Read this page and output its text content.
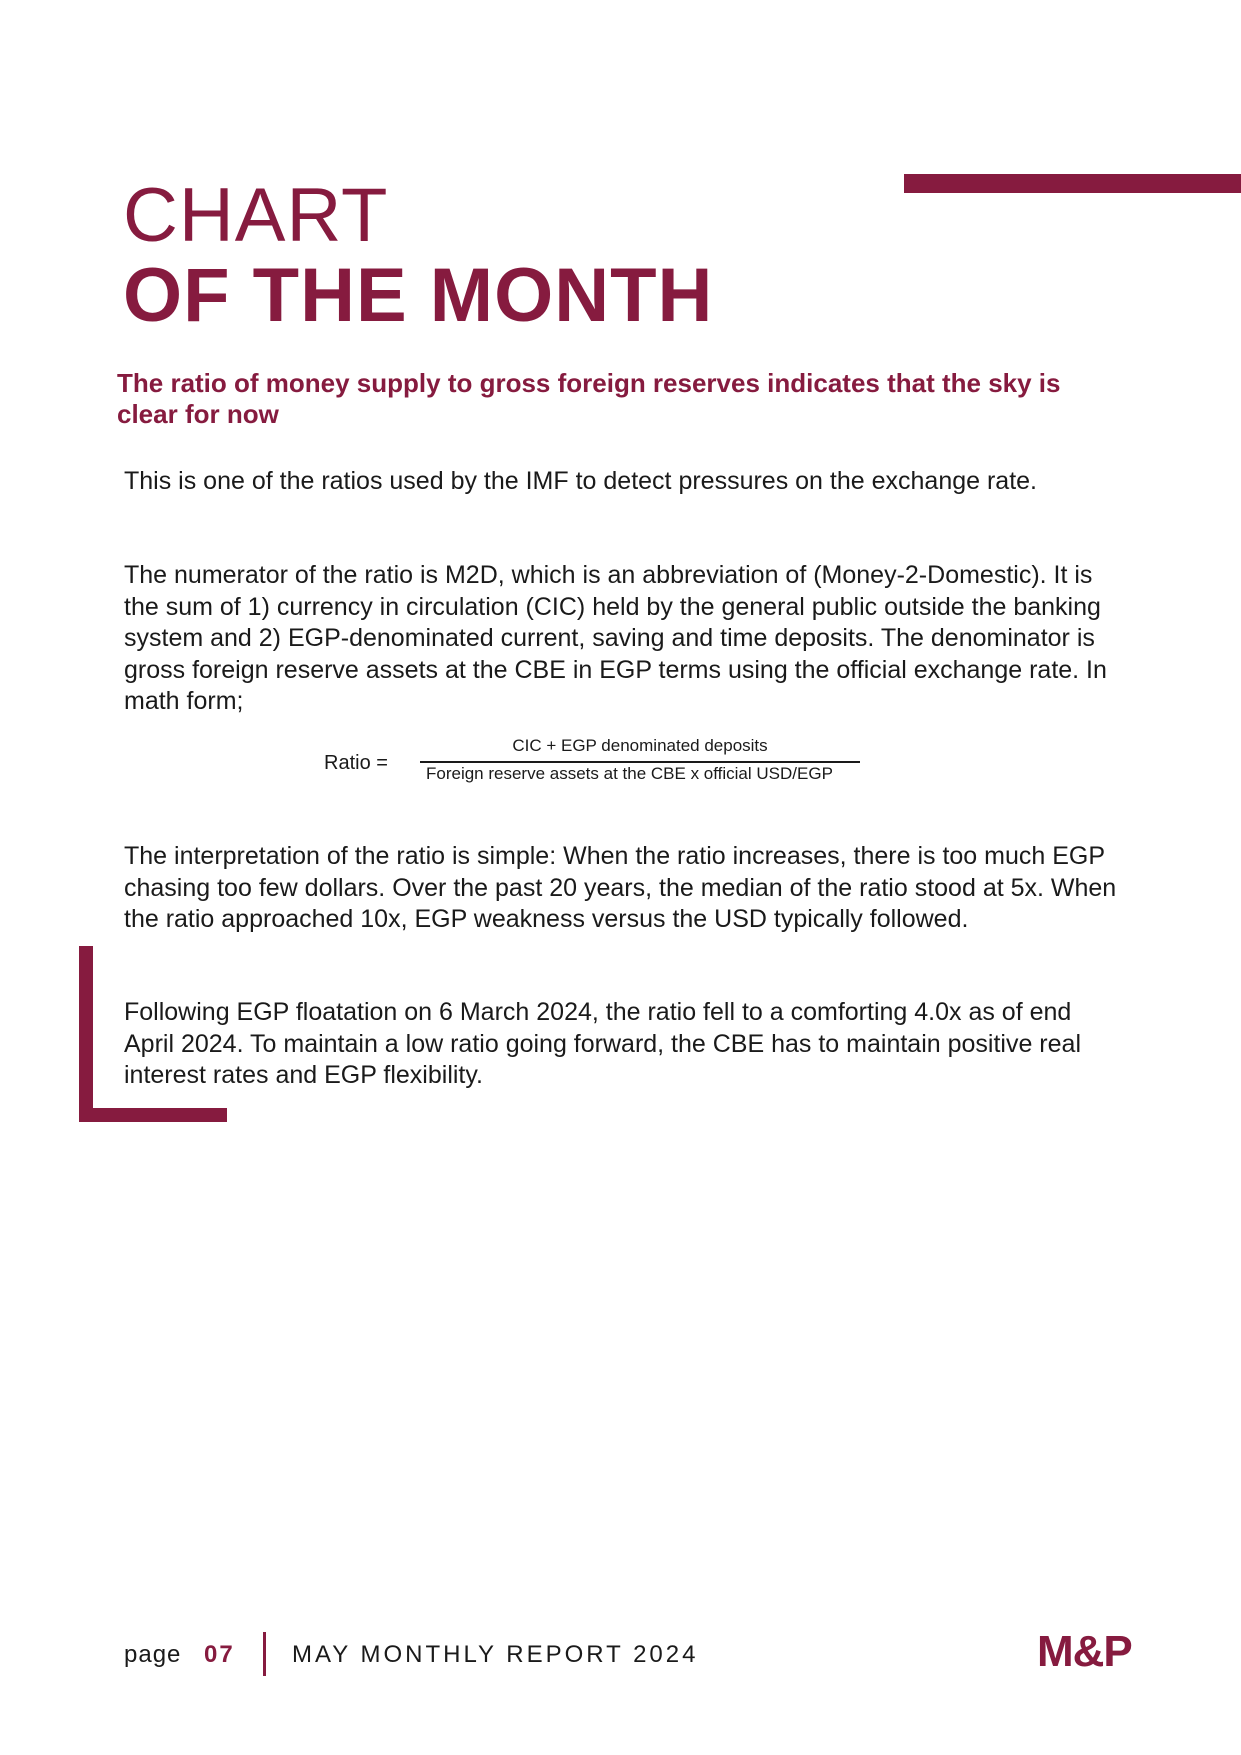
CHART
OF THE MONTH
The ratio of money supply to gross foreign reserves indicates that the sky is clear for now

This is one of the ratios used by the IMF to detect pressures on the exchange rate.

The numerator of the ratio is M2D, which is an abbreviation of (Money-2-Domestic). It is the sum of 1) currency in circulation (CIC) held by the general public outside the banking system and 2) EGP-denominated current, saving and time deposits. The denominator is gross foreign reserve assets at the CBE in EGP terms using the official exchange rate. In math form;

Ratio =
CIC + EGP denominated deposits
Foreign reserve assets at the CBE x official USD/EGP

The interpretation of the ratio is simple: When the ratio increases, there is too much EGP chasing too few dollars. Over the past 20 years, the median of the ratio stood at 5x. When the ratio approached 10x, EGP weakness versus the USD typically followed.

Following EGP floatation on 6 March 2024, the ratio fell to a comforting 4.0x as of end April 2024. To maintain a low ratio going forward, the CBE has to maintain positive real interest rates and EGP flexibility.

page 07 MAY MONTHLY REPORT 2024	M&P
